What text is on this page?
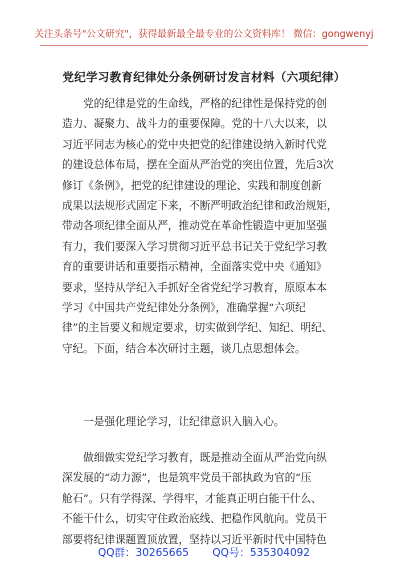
关注头条号"公文研究"，获得最新最全最专业的公文资料库！ 微信：gongwenyj
党纪学习教育纪律处分条例研讨发言材料（六项纪律）
　　党的纪律是党的生命线，严格的纪律性是保持党的创
造力、凝聚力、战斗力的重要保障。党的十八大以来，以
习近平同志为核心的党中央把党的纪律建设纳入新时代党
的建设总体布局，摆在全面从严治党的突出位置，先后3次
修订《条例》，把党的纪律建设的理论、实践和制度创新
成果以法规形式固定下来，不断严明政治纪律和政治规矩，
带动各项纪律全面从严，推动党在革命性锻造中更加坚强
有力，我们要深入学习贯彻习近平总书记关于党纪学习教
育的重要讲话和重要指示精神，全面落实党中央《通知》
要求，坚持从学纪入手抓好全省党纪学习教育，原原本本
学习《中国共产党纪律处分条例》，准确掌握“六项纪
律”的主旨要义和规定要求，切实做到学纪、知纪、明纪、
守纪。下面，结合本次研讨主题，谈几点思想体会。
　　一是强化理论学习，让纪律意识入脑入心。
　　做细做实党纪学习教育，既是推动全面从严治党向纵
深发展的“动力源”，也是筑牢党员干部执政为官的“压
舱石”。只有学得深、学得牢，才能真正明白能干什么、
不能干什么，切实守住政治底线、把稳作风航向。党员干
部要将纪律课题置顶放置，坚持以习近平新时代中国特色
QQ群：30265665 QQ号：535304092
